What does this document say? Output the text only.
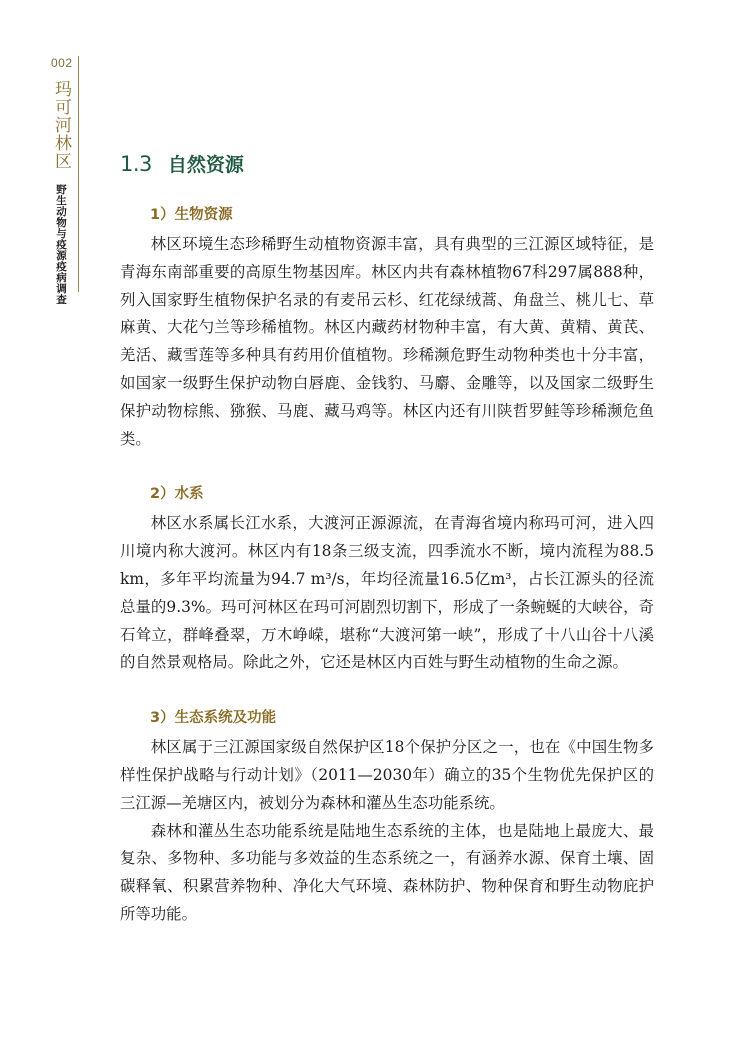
002
玛可河林区
野生动物与疫源疫病调查
1.3 自然资源
1）生物资源

林区环境生态珍稀野生动植物资源丰富，具有典型的三江源区域特征，是青海东南部重要的高原生物基因库。林区内共有森林植物67科297属888种，列入国家野生植物保护名录的有麦吊云杉、红花绿绒蒿、角盘兰、桃儿七、草麻黄、大花勺兰等珍稀植物。林区内藏药材物种丰富，有大黄、黄精、黄芪、羌活、藏雪莲等多种具有药用价值植物。珍稀濒危野生动物种类也十分丰富，如国家一级野生保护动物白唇鹿、金钱豹、马麝、金雕等，以及国家二级野生保护动物棕熊、猕猴、马鹿、藏马鸡等。林区内还有川陕哲罗鲑等珍稀濒危鱼类。

2）水系

林区水系属长江水系，大渡河正源源流，在青海省境内称玛可河，进入四川境内称大渡河。林区内有18条三级支流，四季流水不断，境内流程为88.5 km，多年平均流量为94.7 m³/s，年均径流量16.5亿m³，占长江源头的径流总量的9.3%。玛可河林区在玛可河剧烈切割下，形成了一条蜿蜒的大峡谷，奇石耸立，群峰叠翠，万木峥嵘，堪称“大渡河第一峡”，形成了十八山谷十八溪的自然景观格局。除此之外，它还是林区内百姓与野生动植物的生命之源。

3）生态系统及功能

林区属于三江源国家级自然保护区18个保护分区之一，也在《中国生物多样性保护战略与行动计划》（2011—2030年）确立的35个生物优先保护区的三江源—羌塘区内，被划分为森林和灌丛生态功能系统。

森林和灌丛生态功能系统是陆地生态系统的主体，也是陆地上最庞大、最复杂、多物种、多功能与多效益的生态系统之一，有涵养水源、保育土壤、固碳释氧、积累营养物种、净化大气环境、森林防护、物种保育和野生动物庇护所等功能。
